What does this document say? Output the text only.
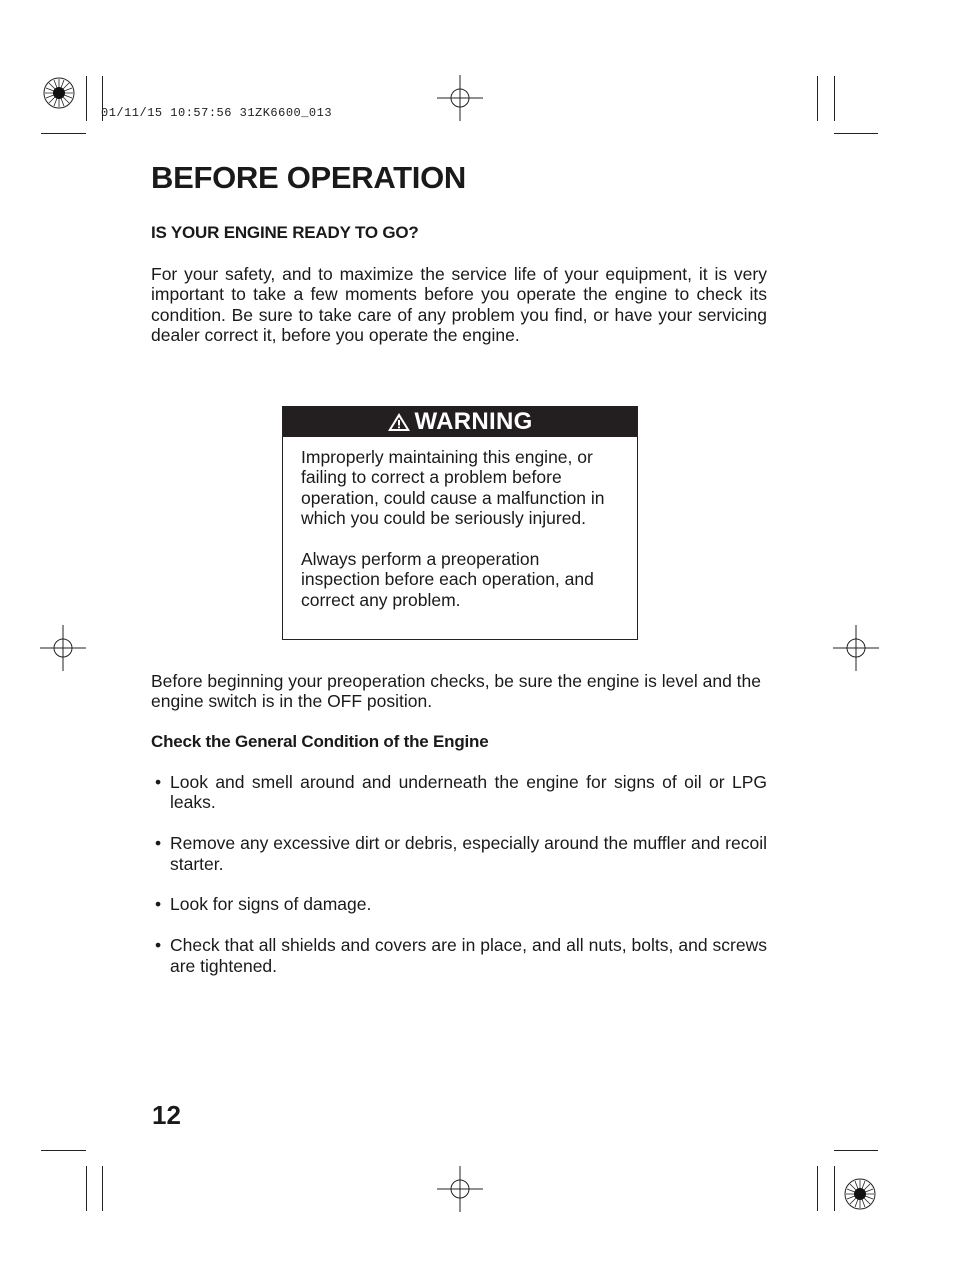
01/11/15 10:57:56 31ZK6600_013
BEFORE OPERATION
IS YOUR ENGINE READY TO GO?

For your safety, and to maximize the service life of your equipment, it is very important to take a few moments before you operate the engine to check its condition. Be sure to take care of any problem you find, or have your servicing dealer correct it, before you operate the engine.

WARNING

Improperly maintaining this engine, or failing to correct a problem before operation, could cause a malfunction in which you could be seriously injured.

Always perform a preoperation inspection before each operation, and correct any problem.

Before beginning your preoperation checks, be sure the engine is level and the engine switch is in the OFF position.

Check the General Condition of the Engine
• Look and smell around and underneath the engine for signs of oil or LPG leaks.
• Remove any excessive dirt or debris, especially around the muffler and recoil starter.
• Look for signs of damage.
• Check that all shields and covers are in place, and all nuts, bolts, and screws are tightened.
12
